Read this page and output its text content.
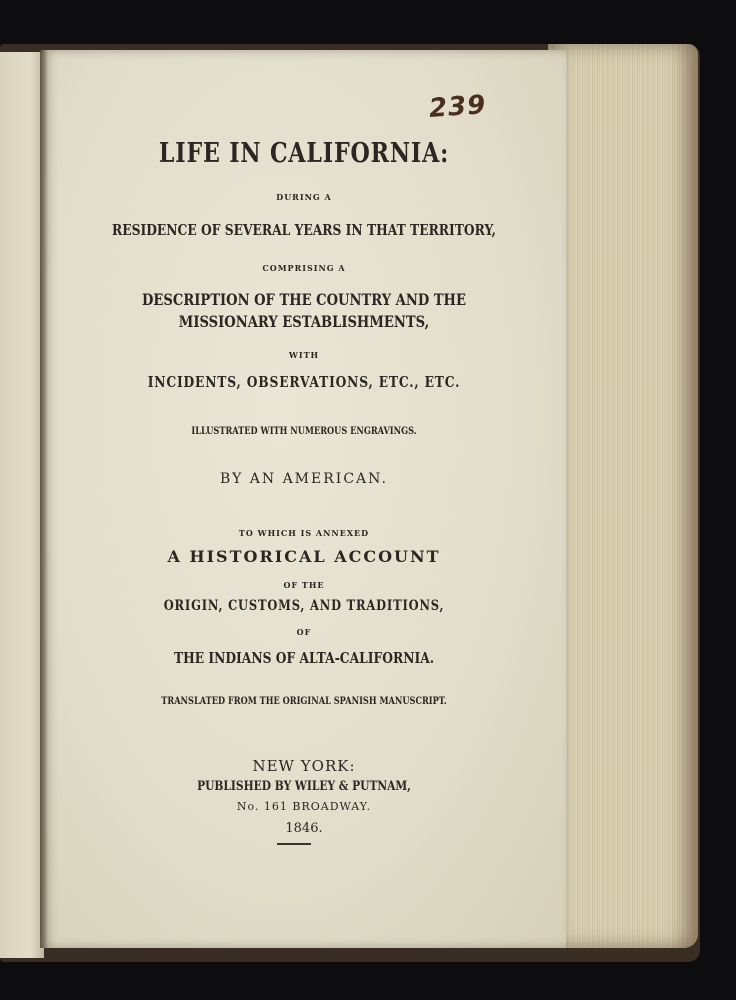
239

LIFE IN CALIFORNIA:

DURING A

RESIDENCE OF SEVERAL YEARS IN THAT TERRITORY,

COMPRISING A

DESCRIPTION OF THE COUNTRY AND THE

MISSIONARY ESTABLISHMENTS,

WITH

INCIDENTS, OBSERVATIONS, ETC., ETC.

ILLUSTRATED WITH NUMEROUS ENGRAVINGS.

BY AN AMERICAN.

TO WHICH IS ANNEXED

A HISTORICAL ACCOUNT

OF THE

ORIGIN, CUSTOMS, AND TRADITIONS,

OF

THE INDIANS OF ALTA-CALIFORNIA.

TRANSLATED FROM THE ORIGINAL SPANISH MANUSCRIPT.

NEW YORK:

PUBLISHED BY WILEY & PUTNAM,

No. 161 BROADWAY.

1846.
